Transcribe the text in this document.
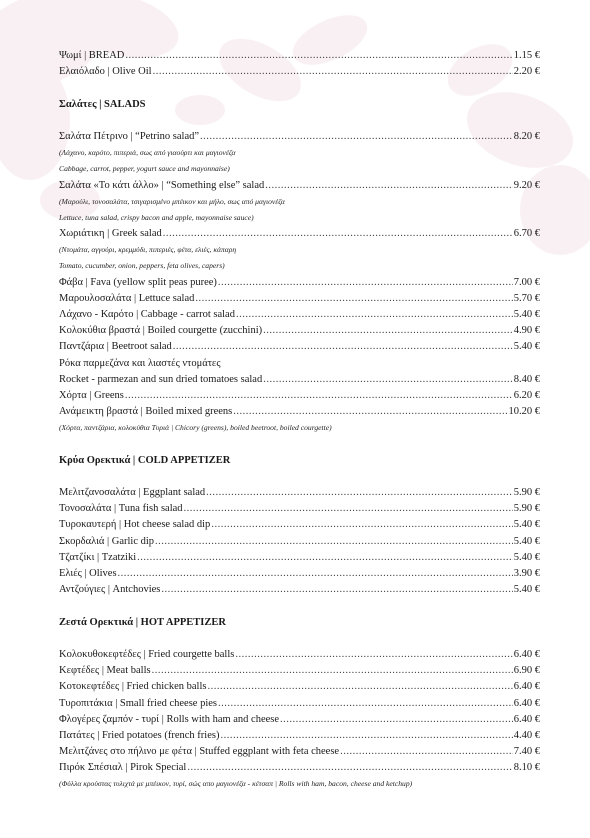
Ψωμί | BREAD .....	1.15 €
Ελαιόλαδο | Olive Oil .....	2.20 €
Σαλάτες | SALADS
Σαλάτα Πέτρινο | “Petrino salad” .....	8.20 €
(Λάχανο, καρότο, πιπεριά, σως από γιαούρτι και μαγιονέζα
Cabbage, carrot, pepper, yogurt sauce and mayonnaise)
Σαλάτα «Το κάτι άλλο» | “Something else” salad .....	9.20 €
(Μαρούλι, τονοσαλάτα, τσιγαρισμένο μπέικον και μήλο, σως από μαγιονέζα
Lettuce, tuna salad, crispy bacon and apple, mayonnaise sauce)
Χωριάτικη | Greek salad .....	6.70 €
(Ντομάτα, αγγούρι, κρεμμύδι, πιπεριές, φέτα, ελιές, κάπαρη
Tomato, cucumber, onion, peppers, feta olives, capers)
Φάβα | Fava (yellow split peas puree) .....	7.00 €
Μαρουλοσαλάτα | Lettuce salad .....	5.70 €
Λάχανο - Καρότο | Cabbage - carrot salad .....	5.40 €
Κολοκύθια βραστά | Boiled courgette (zucchini) .....	4.90 €
Παντζάρια | Beetroot salad .....	5.40 €
Ρόκα παρμεζάνα και λιαστές ντομάτες
Rocket - parmezan and sun dried tomatoes salad .....	8.40 €
Χόρτα | Greens .....	6.20 €
Ανάμεικτη βραστά | Boiled mixed greens .....	10.20 €
(Χόρτα, παντζάρια, κολοκύθια Τυριά | Chicory (greens), boiled beetroot, boiled courgette)
Κρύα Ορεκτικά | COLD APPETIZER
Μελιτζανοσαλάτα | Eggplant salad .....	5.90 €
Τονοσαλάτα | Tuna fish salad .....	5.90 €
Τυροκαυτερή | Hot cheese salad dip .....	5.40 €
Σκορδαλιά | Garlic dip .....	5.40 €
Τζατζίκι | Tzatziki .....	5.40 €
Ελιές | Olives .....	3.90 €
Αντζούγιες | Antchovies .....	5.40 €
Ζεστά Ορεκτικά | HOT APPETIZER
Κολοκυθοκεφτέδες | Fried courgette balls .....	6.40 €
Κεφτέδες | Meat balls .....	6.90 €
Κοτοκεφτέδες | Fried chicken balls .....	6.40 €
Τυροπιτάκια | Small fried cheese pies .....	6.40 €
Φλογέρες ζαμπόν - τυρί | Rolls with ham and cheese .....	6.40 €
Πατάτες | Fried potatoes (french fries) .....	4.40 €
Μελιτζάνες στο πήλινο με φέτα | Stuffed eggplant with feta cheese .....	7.40 €
Πιρόκ Σπέσιαλ | Pirok Special .....	8.10 €
(Φύλλα κρούστας τυλιχτά με μπέικον, τυρί, σώς απο μαγιονέζα - κέτσαπ | Rolls with ham, bacon, cheese and ketchup)
